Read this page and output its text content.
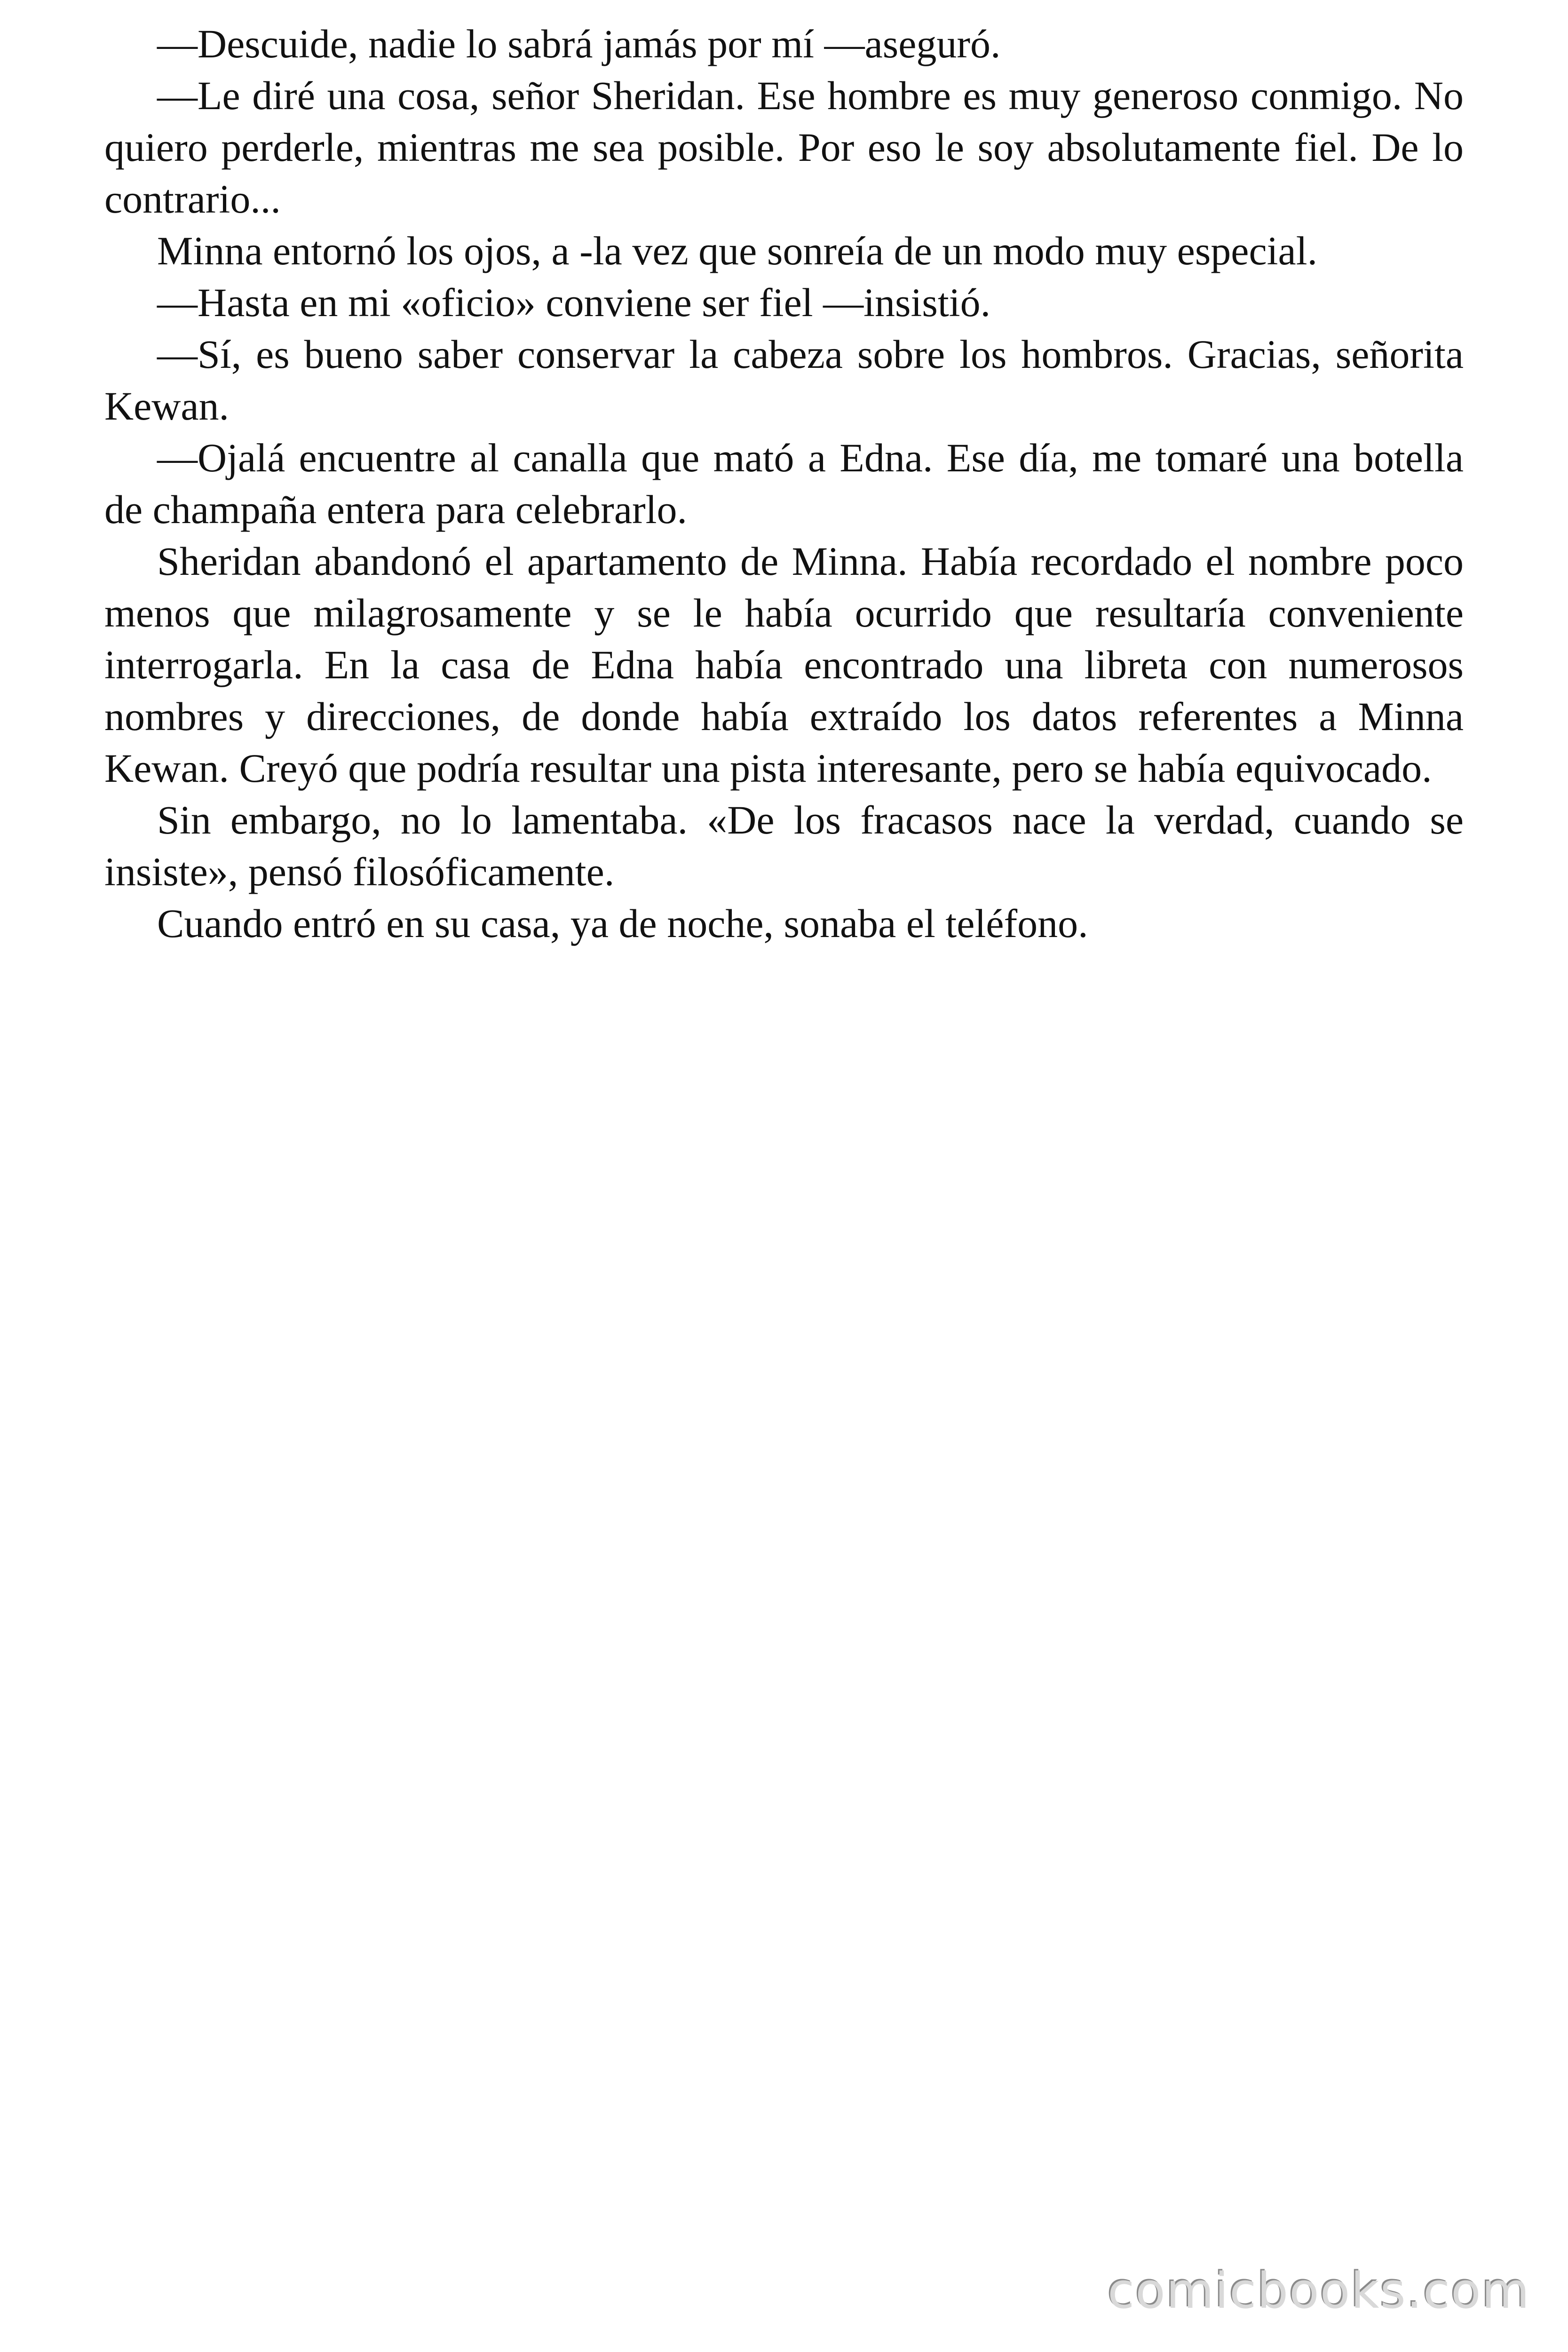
—Descuide, nadie lo sabrá jamás por mí —aseguró.

—Le diré una cosa, señor Sheridan. Ese hombre es muy generoso conmigo. No quiero perderle, mientras me sea posible. Por eso le soy absolutamente fiel. De lo contrario...

Minna entornó los ojos, a -la vez que sonreía de un modo muy especial.

—Hasta en mi «oficio» conviene ser fiel —insistió.

—Sí, es bueno saber conservar la cabeza sobre los hombros. Gracias, señorita Kewan.

—Ojalá encuentre al canalla que mató a Edna. Ese día, me tomaré una botella de champaña entera para celebrarlo.

Sheridan abandonó el apartamento de Minna. Había recordado el nombre poco menos que milagrosamente y se le había ocurrido que resultaría conveniente interrogarla. En la casa de Edna había encontrado una libreta con numerosos nombres y direcciones, de donde había extraído los datos referentes a Minna Kewan. Creyó que podría resultar una pista interesante, pero se había equivocado.

Sin embargo, no lo lamentaba. «De los fracasos nace la verdad, cuando se insiste», pensó filosóficamente.

Cuando entró en su casa, ya de noche, sonaba el teléfono.

comicbooks.com
